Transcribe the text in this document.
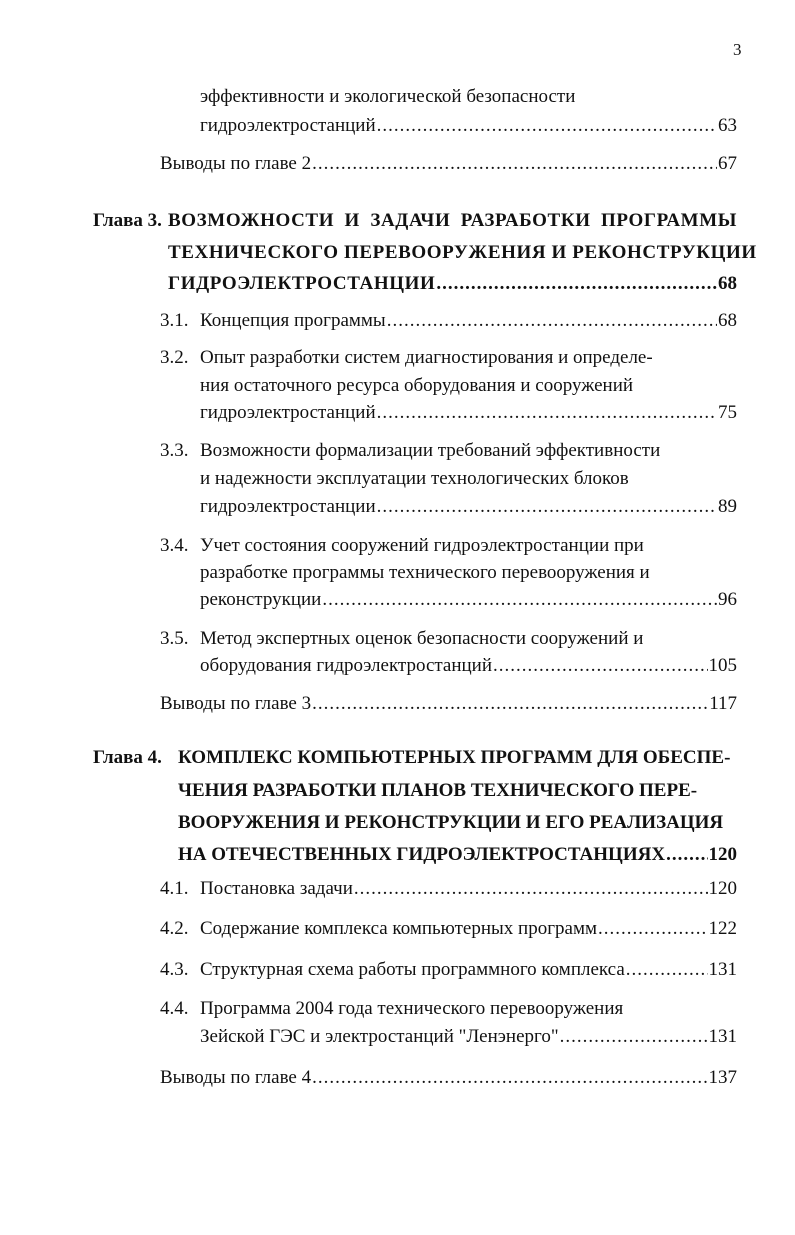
3
эффективности и экологической безопасности
гидроэлектростанций .....	63
Выводы по главе 2 .....	67
Глава 3. ВОЗМОЖНОСТИ И ЗАДАЧИ РАЗРАБОТКИ ПРОГРАММЫ
ТЕХНИЧЕСКОГО ПЕРЕВООРУЖЕНИЯ И РЕКОНСТРУКЦИИ
ГИДРОЭЛЕКТРОСТАНЦИИ .....	68
3.1. Концепция программы .....	68
3.2. Опыт разработки систем диагностирования и определе-
ния остаточного ресурса оборудования и сооружений
гидроэлектростанций .....	75
3.3. Возможности формализации требований эффективности
и надежности эксплуатации технологических блоков
гидроэлектростанции .....	89
3.4. Учет состояния сооружений гидроэлектростанции при
разработке программы технического перевооружения и
реконструкции .....	96
3.5. Метод экспертных оценок безопасности сооружений и
оборудования гидроэлектростанций .....	105
Выводы по главе 3 .....	117
Глава 4. КОМПЛЕКС КОМПЬЮТЕРНЫХ ПРОГРАММ ДЛЯ ОБЕСПЕ-
ЧЕНИЯ РАЗРАБОТКИ ПЛАНОВ ТЕХНИЧЕСКОГО ПЕРЕ-
ВООРУЖЕНИЯ И РЕКОНСТРУКЦИИ И ЕГО РЕАЛИЗАЦИЯ
НА ОТЕЧЕСТВЕННЫХ ГИДРОЭЛЕКТРОСТАНЦИЯХ ..... 120
4.1. Постановка задачи .....	120
4.2. Содержание комплекса компьютерных программ .....	122
4.3. Структурная схема работы программного комплекса .....	131
4.4. Программа 2004 года технического перевооружения
Зейской ГЭС и электростанций "Ленэнерго" .....	131
Выводы по главе 4 .....	137
